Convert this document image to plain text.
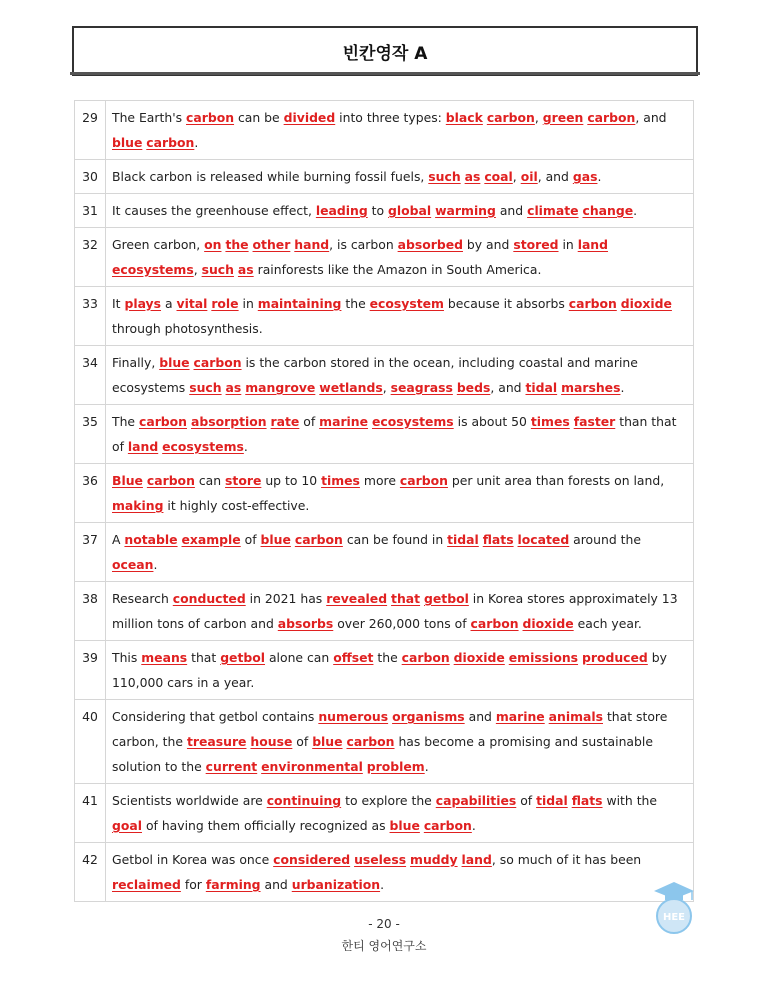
빈칸영작 A
29	The Earth's carbon can be divided into three types: black carbon, green carbon, and blue carbon.
30	Black carbon is released while burning fossil fuels, such as coal, oil, and gas.
31	It causes the greenhouse effect, leading to global warming and climate change.
32	Green carbon, on the other hand, is carbon absorbed by and stored in land ecosystems, such as rainforests like the Amazon in South America.
33	It plays a vital role in maintaining the ecosystem because it absorbs carbon dioxide through photosynthesis.
34	Finally, blue carbon is the carbon stored in the ocean, including coastal and marine ecosystems such as mangrove wetlands, seagrass beds, and tidal marshes.
35	The carbon absorption rate of marine ecosystems is about 50 times faster than that of land ecosystems.
36	Blue carbon can store up to 10 times more carbon per unit area than forests on land, making it highly cost-effective.
37	A notable example of blue carbon can be found in tidal flats located around the ocean.
38	Research conducted in 2021 has revealed that getbol in Korea stores approximately 13 million tons of carbon and absorbs over 260,000 tons of carbon dioxide each year.
39	This means that getbol alone can offset the carbon dioxide emissions produced by 110,000 cars in a year.
40	Considering that getbol contains numerous organisms and marine animals that store carbon, the treasure house of blue carbon has become a promising and sustainable solution to the current environmental problem.
41	Scientists worldwide are continuing to explore the capabilities of tidal flats with the goal of having them officially recognized as blue carbon.
42	Getbol in Korea was once considered useless muddy land, so much of it has been reclaimed for farming and urbanization.
- 20 -
한티 영어연구소
HEE
